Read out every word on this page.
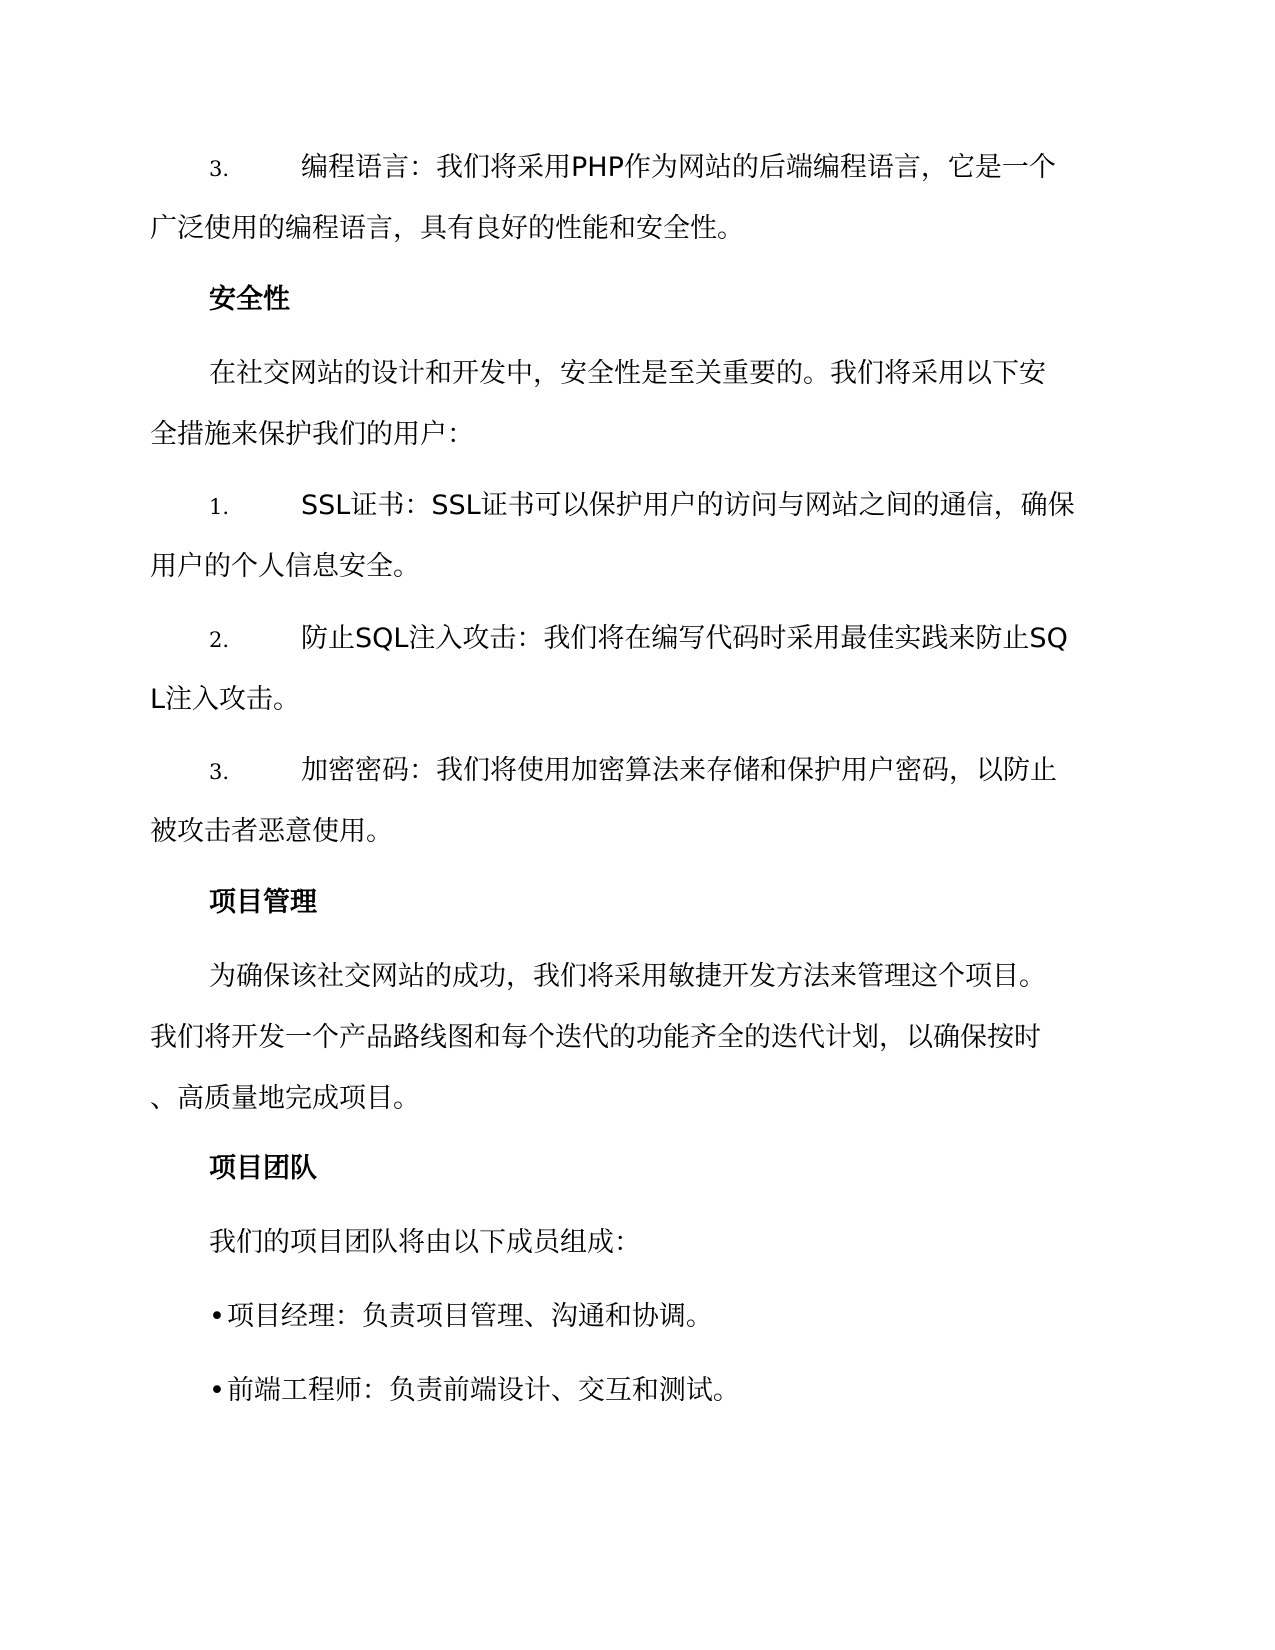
3.	编程语言：我们将采用PHP作为网站的后端编程语言，它是一个
广泛使用的编程语言，具有良好的性能和安全性。
安全性
在社交网站的设计和开发中，安全性是至关重要的。我们将采用以下安
全措施来保护我们的用户：
1.	SSL证书：SSL证书可以保护用户的访问与网站之间的通信，确保
用户的个人信息安全。
2.	防止SQL注入攻击：我们将在编写代码时采用最佳实践来防止SQ
L注入攻击。
3.	加密密码：我们将使用加密算法来存储和保护用户密码，以防止
被攻击者恶意使用。
项目管理
为确保该社交网站的成功，我们将采用敏捷开发方法来管理这个项目。
我们将开发一个产品路线图和每个迭代的功能齐全的迭代计划，以确保按时
、高质量地完成项目。
项目团队
我们的项目团队将由以下成员组成：
•项目经理：负责项目管理、沟通和协调。
•前端工程师：负责前端设计、交互和测试。
